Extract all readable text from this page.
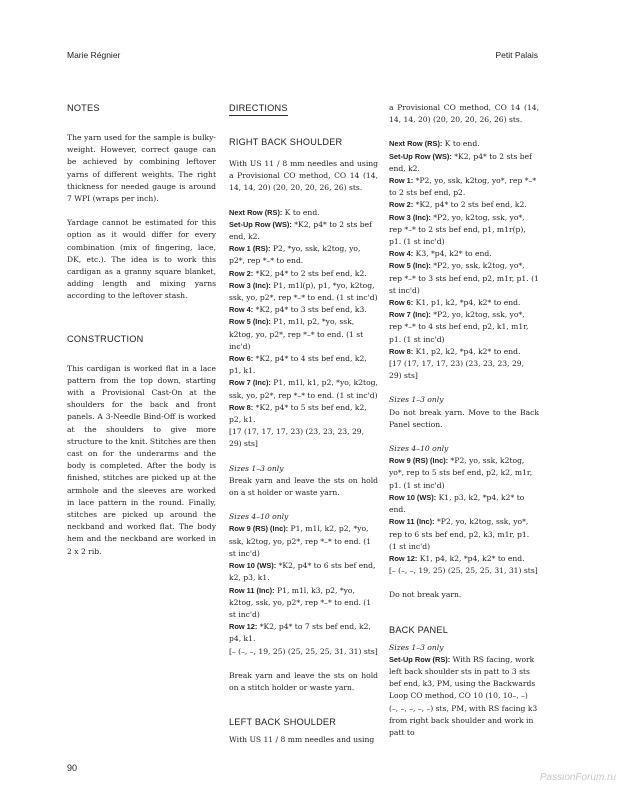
Marie Régnier	Petit Palais
NOTES

The yarn used for the sample is bulky-weight. However, correct gauge can be achieved by combining leftover yarns of different weights. The right thickness for needed gauge is around 7 WPI (wraps per inch).

Yardage cannot be estimated for this option as it would differ for every combination (mix of fingering, lace, DK, etc.). The idea is to work this cardigan as a granny square blanket, adding length and mixing yarns according to the leftover stash.

CONSTRUCTION

This cardigan is worked flat in a lace pattern from the top down, starting with a Provisional Cast-On at the shoulders for the back and front panels. A 3-Needle Bind-Off is worked at the shoulders to give more structure to the knit. Stitches are then cast on for the underarms and the body is completed. After the body is finished, stitches are picked up at the armhole and the sleeves are worked in lace pattern in the round. Finally, stitches are picked up around the neckband and worked flat. The body hem and the neckband are worked in 2 x 2 rib.

DIRECTIONS
RIGHT BACK SHOULDER

With US 11 / 8 mm needles and using a Provisional CO method, CO 14 (14, 14, 14, 20) (20, 20, 20, 26, 26) sts.

Next Row (RS): K to end.
Set-Up Row (WS): *K2, p4* to 2 sts bef end, k2.
Row 1 (RS): P2, *yo, ssk, k2tog, yo, p2*, rep *–* to end.
Row 2: *K2, p4* to 2 sts bef end, k2.
Row 3 (Inc): P1, m1l(p), p1, *yo, k2tog, ssk, yo, p2*, rep *–* to end. (1 st inc'd)
Row 4: *K2, p4* to 3 sts bef end, k3.
Row 5 (Inc): P1, m1l, p2, *yo, ssk, k2tog, yo, p2*, rep *–* to end. (1 st inc'd)
Row 6: *K2, p4* to 4 sts bef end, k2, p1, k1.
Row 7 (Inc): P1, m1l, k1, p2, *yo, k2tog, ssk, yo, p2*, rep *–* to end. (1 st inc'd)
Row 8: *K2, p4* to 5 sts bef end, k2, p2, k1.
[17 (17, 17, 17, 23) (23, 23, 23, 29, 29) sts]
Sizes 1–3 only

Break yarn and leave the sts on hold on a st holder or waste yarn.

Sizes 4–10 only
Row 9 (RS) (Inc): P1, m1l, k2, p2, *yo, ssk, k2tog, yo, p2*, rep *–* to end. (1 st inc'd)
Row 10 (WS): *K2, p4* to 6 sts bef end, k2, p3, k1.
Row 11 (Inc): P1, m1l, k3, p2, *yo, k2tog, ssk, yo, p2*, rep *–* to end. (1 st inc'd)
Row 12: *K2, p4* to 7 sts bef end, k2, p4, k1.
[– (–, –, 19, 25) (25, 25, 25, 31, 31) sts]

Break yarn and leave the sts on hold on a stitch holder or waste yarn.

LEFT BACK SHOULDER
With US 11 / 8 mm needles and using

a Provisional CO method, CO 14 (14, 14, 14, 20) (20, 20, 20, 26, 26) sts.

Next Row (RS): K to end.
Set-Up Row (WS): *K2, p4* to 2 sts bef end, k2.
Row 1: *P2, yo, ssk, k2tog, yo*, rep *–* to 2 sts bef end, p2.
Row 2: *K2, p4* to 2 sts bef end, k2.
Row 3 (Inc): *P2, yo, k2tog, ssk, yo*, rep *–* to 2 sts bef end, p1, m1r(p), p1. (1 st inc'd)
Row 4: K3, *p4, k2* to end.
Row 5 (Inc): *P2, yo, ssk, k2tog, yo*, rep *–* to 3 sts bef end, p2, m1r, p1. (1 st inc'd)
Row 6: K1, p1, k2, *p4, k2* to end.
Row 7 (Inc): *P2, yo, k2tog, ssk, yo*, rep *–* to 4 sts bef end, p2, k1, m1r, p1. (1 st inc'd)
Row 8: K1, p2, k2, *p4, k2* to end.
[17 (17, 17, 17, 23) (23, 23, 23, 29, 29) sts]
Sizes 1–3 only

Do not break yarn. Move to the Back Panel section.

Sizes 4–10 only
Row 9 (RS) (Inc): *P2, yo, ssk, k2tog, yo*, rep to 5 sts bef end, p2, k2, m1r, p1. (1 st inc'd)
Row 10 (WS): K1, p3, k2, *p4, k2* to end.
Row 11 (Inc): *P2, yo, k2tog, ssk, yo*, rep to 6 sts bef end, p2, k3, m1r, p1. (1 st inc'd)
Row 12: K1, p4, k2, *p4, k2* to end.
[– (–, –, 19, 25) (25, 25, 25, 31, 31) sts]

Do not break yarn.

BACK PANEL
Sizes 1–3 only
Set-Up Row (RS): With RS facing, work left back shoulder sts in patt to 3 sts bef end, k3, PM, using the Backwards Loop CO method, CO 10 (10, 10–, –) (–, –, –, –, –) sts, PM, with RS facing k3 from right back shoulder and work in patt to
90
PassionForum.ru
